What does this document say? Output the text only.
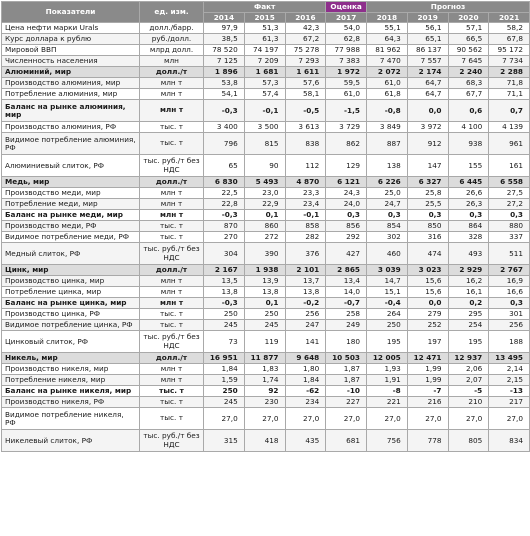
Показатели	ед. изм.	Факт			Оценка	Прогноз			
		2014	2015	2016	2017	2018	2019	2020	2021
Цена нефти марки Urals	долл./барр.	97,9	51,3	42,3	54,0	55,1	56,1	57,1	58,2
Курс доллара к рублю	руб./долл.	38,5	61,3	67,2	62,8	64,3	65,1	66,5	67,8
Мировой ВВП	млрд долл.	78 520	74 197	75 278	77 988	81 962	86 137	90 562	95 172
Численность населения	млн	7 125	7 209	7 293	7 383	7 470	7 557	7 645	7 734
Алюминий, мир	долл./т	1 896	1 681	1 611	1 972	2 072	2 174	2 240	2 288
Производство алюминия, мир	млн т	53,8	57,3	57,6	59,5	61,0	64,7	68,3	71,8
Потребление алюминия, мир	млн т	54,1	57,4	58,1	61,0	61,8	64,7	67,7	71,1
Баланс на рынке алюминия, мир	млн т	-0,3	-0,1	-0,5	-1,5	-0,8	0,0	0,6	0,7
Производство алюминия, РФ	тыс. т	3 400	3 500	3 613	3 729	3 849	3 972	4 100	4 139
Видимое потребление алюминия, РФ	тыс. т	796	815	838	862	887	912	938	961
Алюминиевый слиток, РФ	тыс. руб./т без НДС	65	90	112	129	138	147	155	161
Медь, мир	долл./т	6 830	5 493	4 870	6 121	6 226	6 327	6 445	6 558
Производство меди, мир	млн т	22,5	23,0	23,3	24,3	25,0	25,8	26,6	27,5
Потребление меди, мир	млн т	22,8	22,9	23,4	24,0	24,7	25,5	26,3	27,2
Баланс на рынке меди, мир	млн т	-0,3	0,1	-0,1	0,3	0,3	0,3	0,3	0,3
Производство меди, РФ	тыс. т	870	860	858	856	854	850	864	880
Видимое потребление меди, РФ	тыс. т	270	272	282	292	302	316	328	337
Медный слиток, РФ	тыс. руб./т без НДС	304	390	376	427	460	474	493	511
Цинк, мир	долл./т	2 167	1 938	2 101	2 865	3 039	3 023	2 929	2 767
Производство цинка, мир	млн т	13,5	13,9	13,7	13,4	14,7	15,6	16,2	16,9
Потребление цинка, мир	млн т	13,8	13,8	13,8	14,0	15,1	15,6	16,1	16,6
Баланс на рынке цинка, мир	млн т	-0,3	0,1	-0,2	-0,7	-0,4	0,0	0,2	0,3
Производство цинка, РФ	тыс. т	250	250	256	258	264	279	295	301
Видимое потребление цинка, РФ	тыс. т	245	245	247	249	250	252	254	256
Цинковый слиток, РФ	тыс. руб./т без НДС	73	119	141	180	195	197	195	188
Никель, мир	долл./т	16 951	11 877	9 648	10 503	12 005	12 471	12 937	13 495
Производство никеля, мир	млн т	1,84	1,83	1,80	1,87	1,93	1,99	2,06	2,14
Потребление никеля, мир	млн т	1,59	1,74	1,84	1,87	1,91	1,99	2,07	2,15
Баланс на рынке никеля, мир	тыс. т	250	92	-62	-10	-8	-7	-5	-13
Производство никеля, РФ	тыс. т	245	230	234	227	221	216	210	217
Видимое потребление никеля, РФ	тыс. т	27,0	27,0	27,0	27,0	27,0	27,0	27,0	27,0
Никелевый слиток, РФ	тыс. руб./т без НДС	315	418	435	681	756	778	805	834
